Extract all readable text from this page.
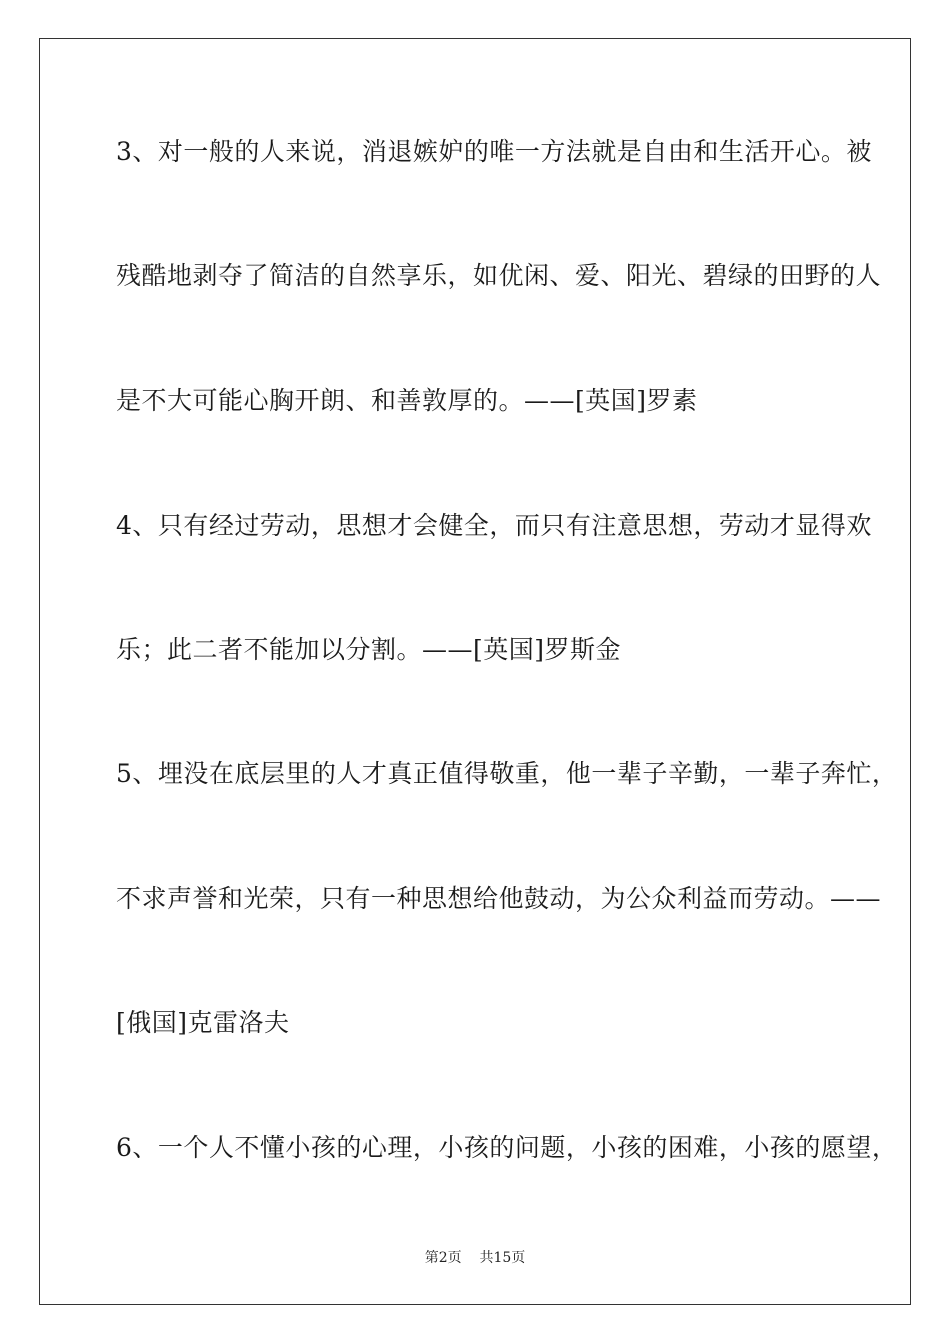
3、对一般的人来说，消退嫉妒的唯一方法就是自由和生活开心。被
残酷地剥夺了简洁的自然享乐，如优闲、爱、阳光、碧绿的田野的人
是不大可能心胸开朗、和善敦厚的。——[英国]罗素
4、只有经过劳动，思想才会健全，而只有注意思想，劳动才显得欢
乐；此二者不能加以分割。——[英国]罗斯金
5、埋没在底层里的人才真正值得敬重，他一辈子辛勤，一辈子奔忙，
不求声誉和光荣，只有一种思想给他鼓动，为公众利益而劳动。——
[俄国]克雷洛夫
6、一个人不懂小孩的心理，小孩的问题，小孩的困难，小孩的愿望，
第2页 共15页
